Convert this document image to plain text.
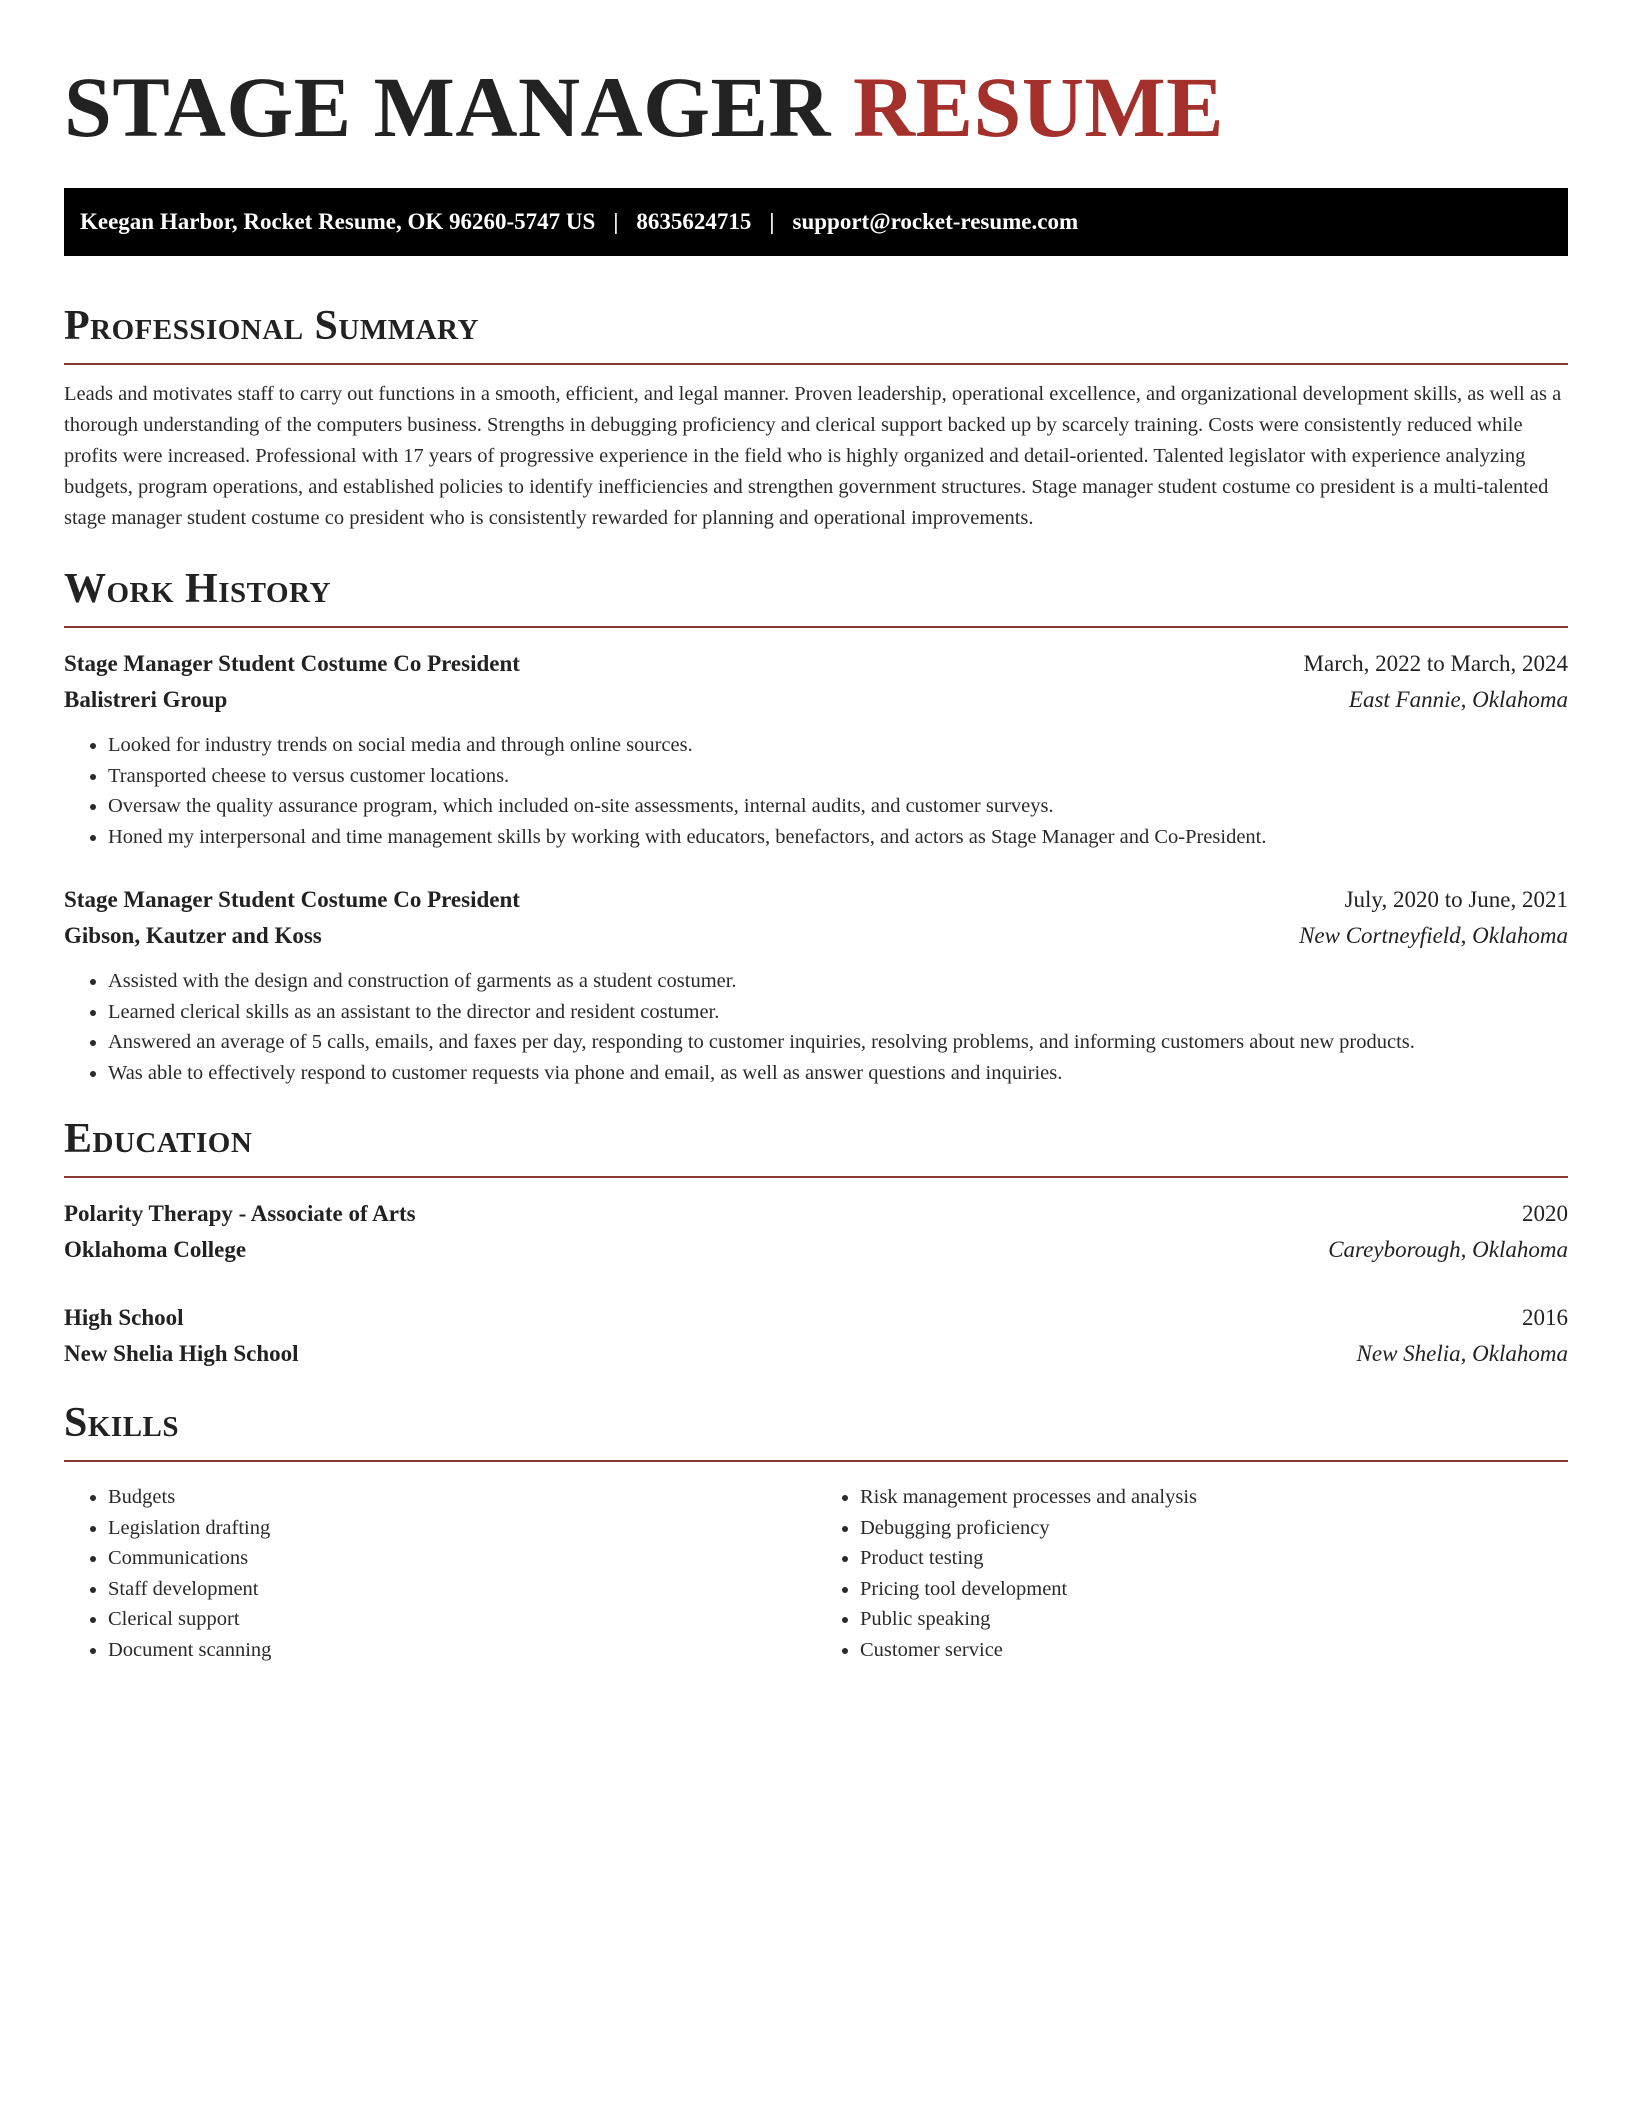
STAGE MANAGER RESUME
Keegan Harbor, Rocket Resume, OK 96260-5747 US | 8635624715 | support@rocket-resume.com
Professional Summary

Leads and motivates staff to carry out functions in a smooth, efficient, and legal manner. Proven leadership, operational excellence, and organizational development skills, as well as a thorough understanding of the computers business. Strengths in debugging proficiency and clerical support backed up by scarcely training. Costs were consistently reduced while profits were increased. Professional with 17 years of progressive experience in the field who is highly organized and detail-oriented. Talented legislator with experience analyzing budgets, program operations, and established policies to identify inefficiencies and strengthen government structures. Stage manager student costume co president is a multi-talented stage manager student costume co president who is consistently rewarded for planning and operational improvements.

Work History
Stage Manager Student Costume Co President	March, 2022 to March, 2024
Balistreri Group	East Fannie, Oklahoma
• Looked for industry trends on social media and through online sources.
• Transported cheese to versus customer locations.
• Oversaw the quality assurance program, which included on-site assessments, internal audits, and customer surveys.
• Honed my interpersonal and time management skills by working with educators, benefactors, and actors as Stage Manager and Co-President.
Stage Manager Student Costume Co President	July, 2020 to June, 2021
Gibson, Kautzer and Koss	New Cortneyfield, Oklahoma
• Assisted with the design and construction of garments as a student costumer.
• Learned clerical skills as an assistant to the director and resident costumer.
• Answered an average of 5 calls, emails, and faxes per day, responding to customer inquiries, resolving problems, and informing customers about new products.
• Was able to effectively respond to customer requests via phone and email, as well as answer questions and inquiries.
Education
Polarity Therapy - Associate of Arts	2020
Oklahoma College	Careyborough, Oklahoma
High School	2016
New Shelia High School	New Shelia, Oklahoma
Skills
• Budgets
• Legislation drafting
• Communications
• Staff development
• Clerical support
• Document scanning
• Risk management processes and analysis
• Debugging proficiency
• Product testing
• Pricing tool development
• Public speaking
• Customer service
